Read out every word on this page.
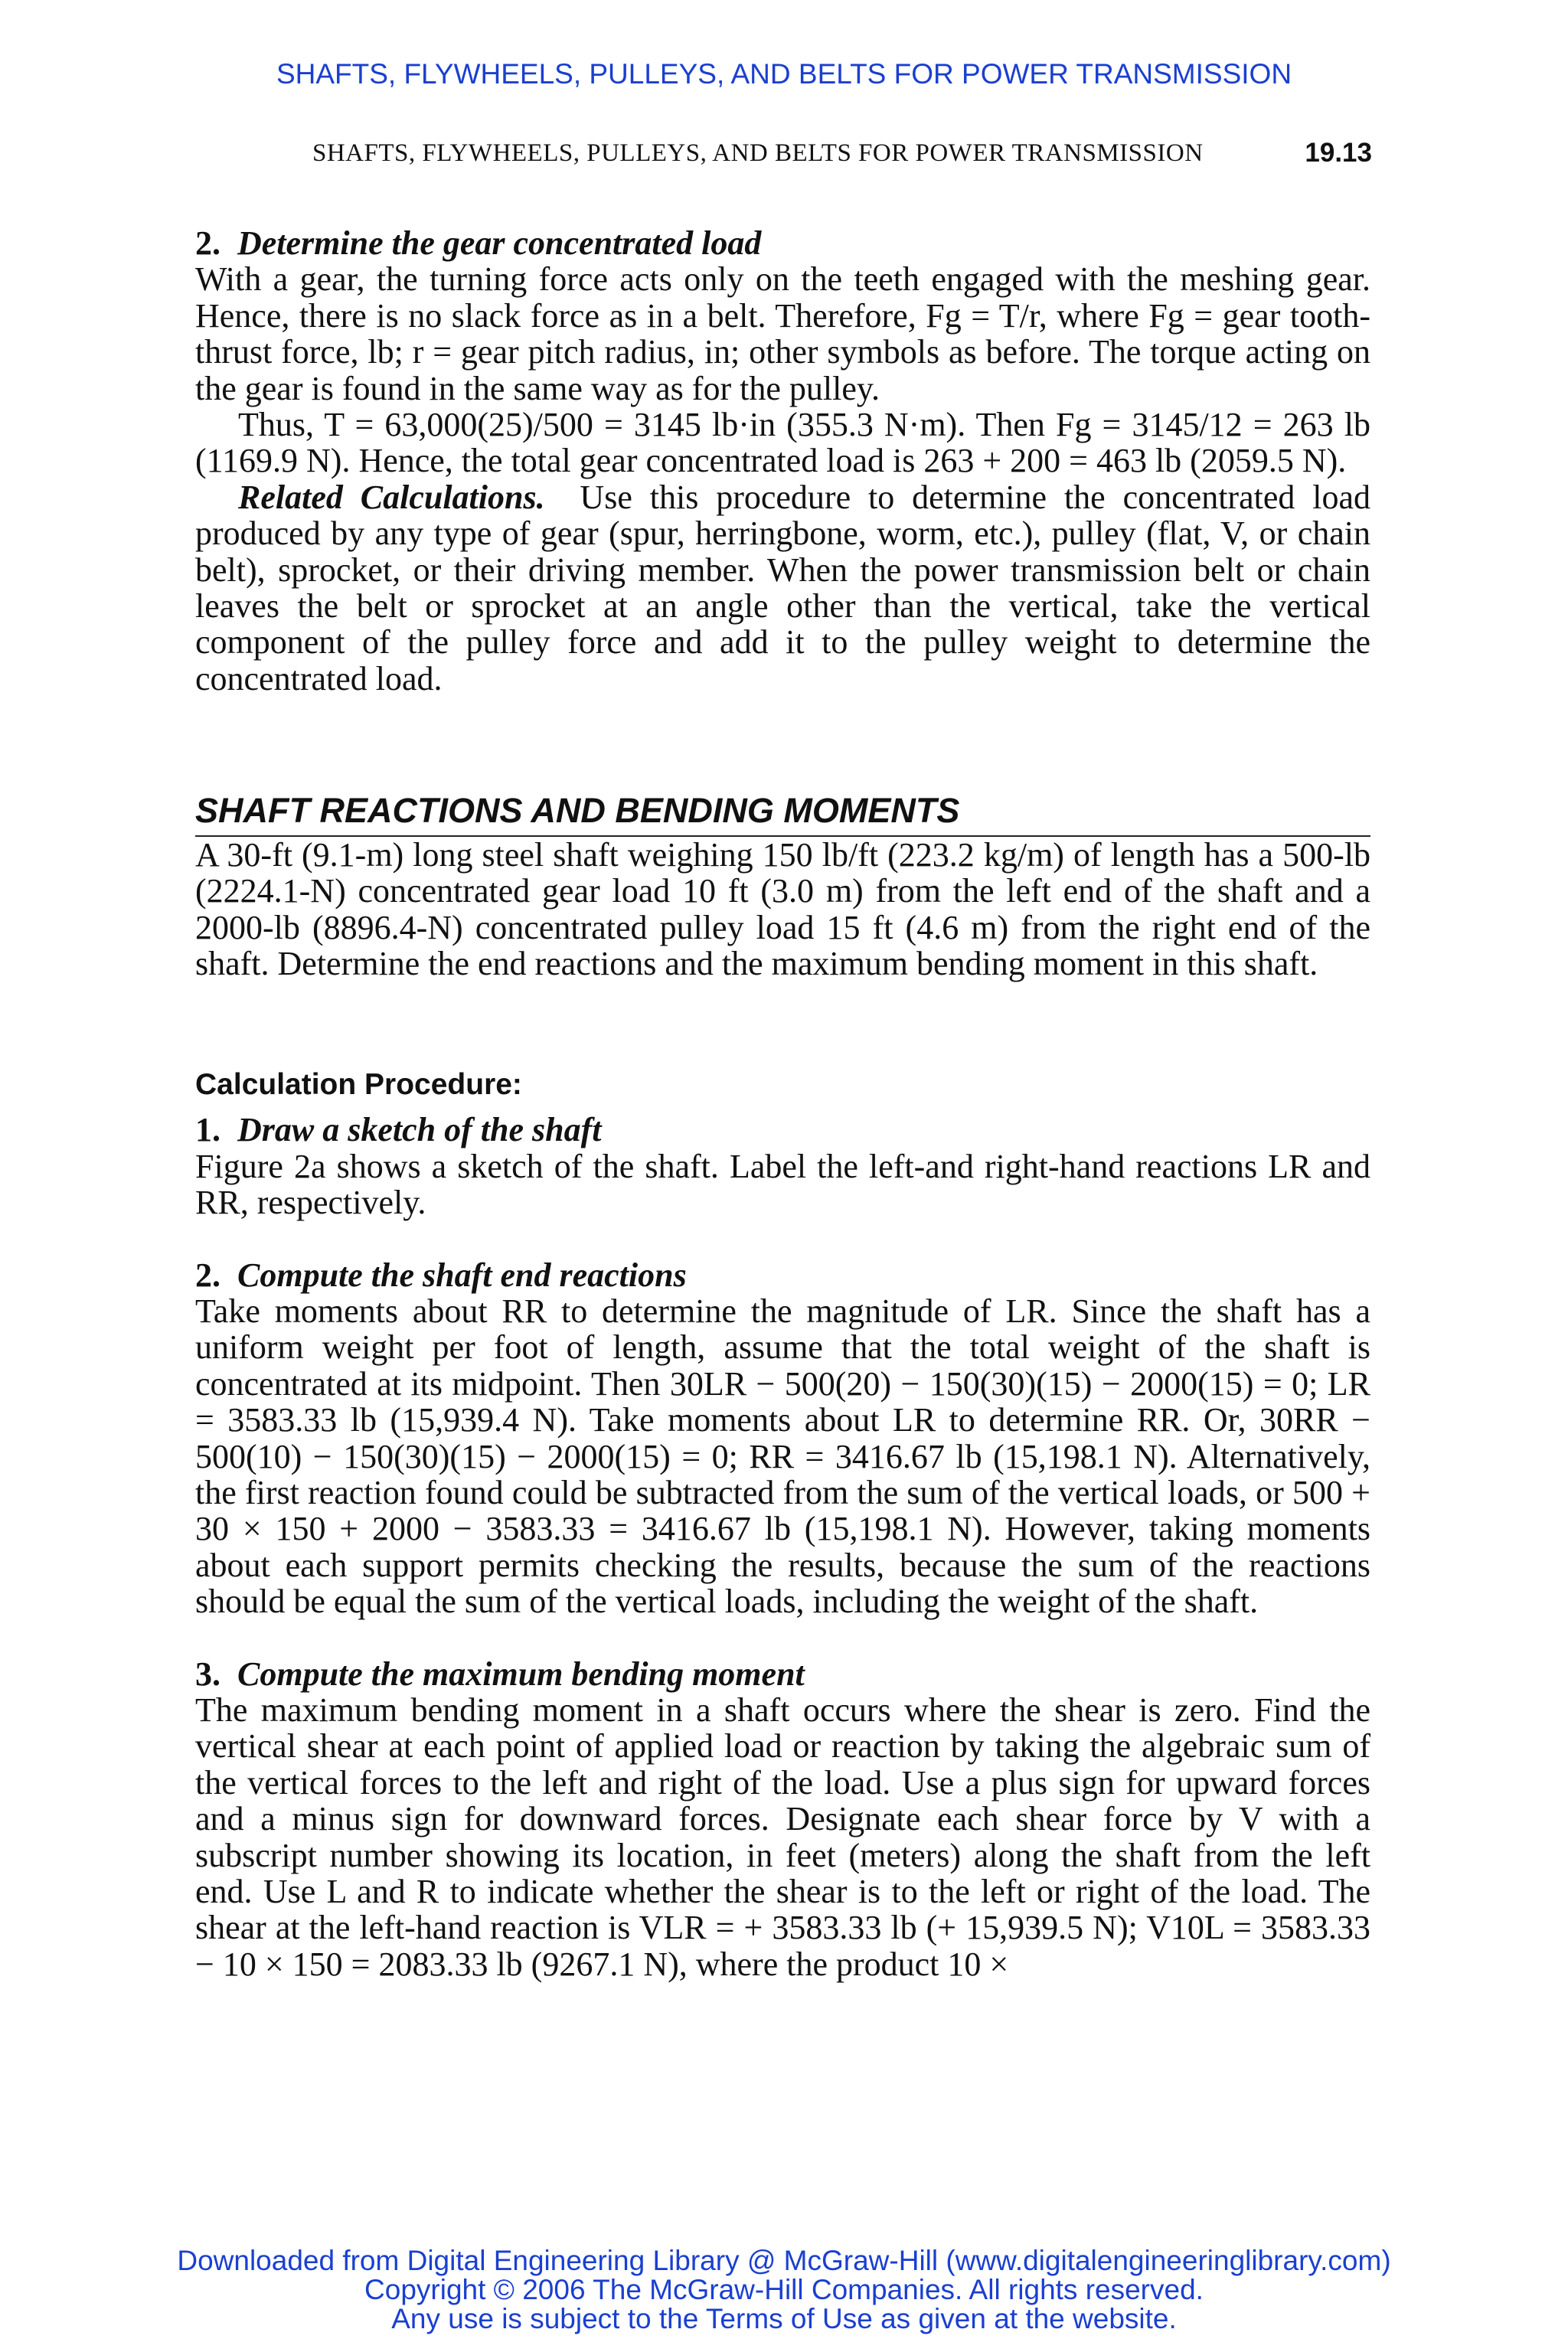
SHAFTS, FLYWHEELS, PULLEYS, AND BELTS FOR POWER TRANSMISSION
SHAFTS, FLYWHEELS, PULLEYS, AND BELTS FOR POWER TRANSMISSION	19.13

2. Determine the gear concentrated load

With a gear, the turning force acts only on the teeth engaged with the meshing gear. Hence, there is no slack force as in a belt. Therefore, Fg = T/r, where Fg = gear tooth-thrust force, lb; r = gear pitch radius, in; other symbols as before. The torque acting on the gear is found in the same way as for the pulley.

Thus, T = 63,000(25)/500 = 3145 lb·in (355.3 N·m). Then Fg = 3145/12 = 263 lb (1169.9 N). Hence, the total gear concentrated load is 263 + 200 = 463 lb (2059.5 N).

Related Calculations. Use this procedure to determine the concentrated load produced by any type of gear (spur, herringbone, worm, etc.), pulley (flat, V, or chain belt), sprocket, or their driving member. When the power transmission belt or chain leaves the belt or sprocket at an angle other than the vertical, take the vertical component of the pulley force and add it to the pulley weight to determine the concentrated load.

SHAFT REACTIONS AND BENDING MOMENTS

A 30-ft (9.1-m) long steel shaft weighing 150 lb/ft (223.2 kg/m) of length has a 500-lb (2224.1-N) concentrated gear load 10 ft (3.0 m) from the left end of the shaft and a 2000-lb (8896.4-N) concentrated pulley load 15 ft (4.6 m) from the right end of the shaft. Determine the end reactions and the maximum bending moment in this shaft.

Calculation Procedure:

1. Draw a sketch of the shaft

Figure 2a shows a sketch of the shaft. Label the left-and right-hand reactions LR and RR, respectively.

2. Compute the shaft end reactions

Take moments about RR to determine the magnitude of LR. Since the shaft has a uniform weight per foot of length, assume that the total weight of the shaft is concentrated at its midpoint. Then 30LR − 500(20) − 150(30)(15) − 2000(15) = 0; LR = 3583.33 lb (15,939.4 N). Take moments about LR to determine RR. Or, 30RR − 500(10) − 150(30)(15) − 2000(15) = 0; RR = 3416.67 lb (15,198.1 N). Alternatively, the first reaction found could be subtracted from the sum of the vertical loads, or 500 + 30 × 150 + 2000 − 3583.33 = 3416.67 lb (15,198.1 N). However, taking moments about each support permits checking the results, because the sum of the reactions should be equal the sum of the vertical loads, including the weight of the shaft.

3. Compute the maximum bending moment

The maximum bending moment in a shaft occurs where the shear is zero. Find the vertical shear at each point of applied load or reaction by taking the algebraic sum of the vertical forces to the left and right of the load. Use a plus sign for upward forces and a minus sign for downward forces. Designate each shear force by V with a subscript number showing its location, in feet (meters) along the shaft from the left end. Use L and R to indicate whether the shear is to the left or right of the load. The shear at the left-hand reaction is VLR = + 3583.33 lb (+ 15,939.5 N); V10L = 3583.33 − 10 × 150 = 2083.33 lb (9267.1 N), where the product 10 ×

Downloaded from Digital Engineering Library @ McGraw-Hill (www.digitalengineeringlibrary.com)
Copyright © 2006 The McGraw-Hill Companies. All rights reserved.
Any use is subject to the Terms of Use as given at the website.
